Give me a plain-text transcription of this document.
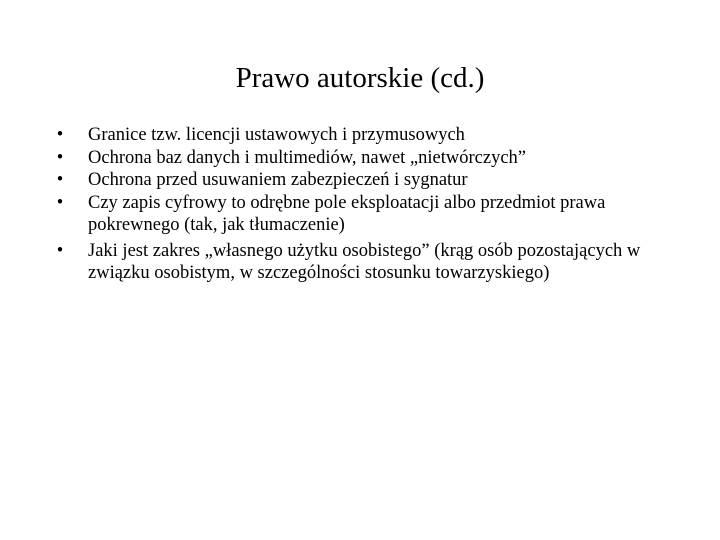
Prawo autorskie (cd.)
• Granice tzw. licencji ustawowych i przymusowych
• Ochrona baz danych i multimediów, nawet „nietwórczych”
• Ochrona przed usuwaniem zabezpieczeń i sygnatur
• Czy zapis cyfrowy to odrębne pole eksploatacji albo przedmiot prawa pokrewnego (tak, jak tłumaczenie)
• Jaki jest zakres „własnego użytku osobistego” (krąg osób pozostających w związku osobistym, w szczególności stosunku towarzyskiego)
